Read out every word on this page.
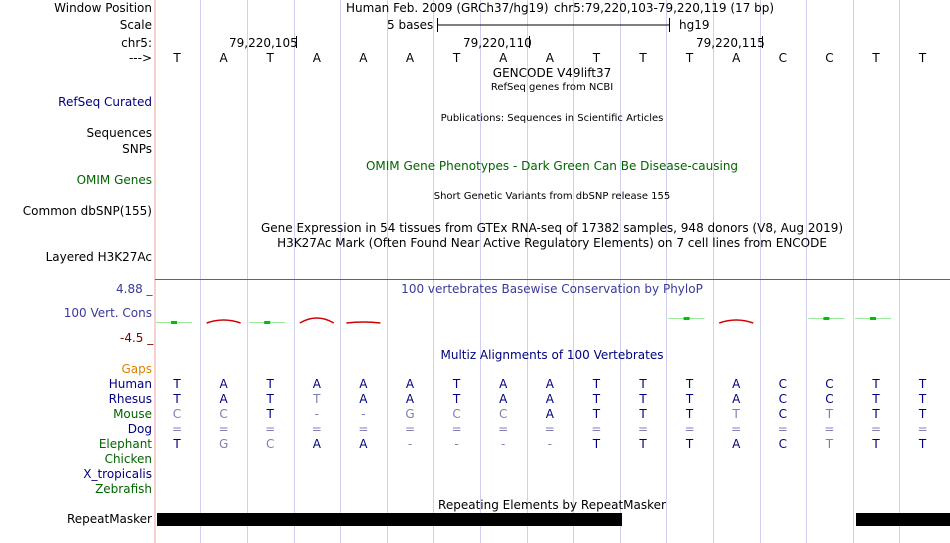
Window Position	Human Feb. 2009 (GRCh37/hg19) chr5:79,220,103-79,220,119 (17 bp)
Scale	5 bases	hg19
chr5:	79,220,105	79,220,110	79,220,115
--->	T	A	T	A	A	A	T	A	A	T	T	T	A	C	C	T	T
GENCODE V49lift37
RefSeq genes from NCBI
RefSeq Curated
Publications: Sequences in Scientific Articles
Sequences
SNPs
OMIM Gene Phenotypes - Dark Green Can Be Disease-causing
OMIM Genes
Short Genetic Variants from dbSNP release 155
Common dbSNP(155)
Gene Expression in 54 tissues from GTEx RNA-seq of 17382 samples, 948 donors (V8, Aug 2019)
H3K27Ac Mark (Often Found Near Active Regulatory Elements) on 7 cell lines from ENCODE
Layered H3K27Ac
100 vertebrates Basewise Conservation by PhyloP
4.88 _
100 Vert. Cons
-4.5 _
Multiz Alignments of 100 Vertebrates
Gaps
Human	T	A	T	A	A	A	T	A	A	T	T	T	A	C	C	T	T
Rhesus	T	A	T	T	A	A	T	A	A	T	T	T	A	C	C	T	T
Mouse	C	C	T	-	-	G	C	C	A	T	T	T	T	C	T	T	T
Dog	=	=	=	=	=	=	=	=	=	=	=	=	=	=	=	=	=
Elephant	T	G	C	A	A	-	-	-	-	T	T	T	A	C	T	T	T
Chicken
X_tropicalis
Zebrafish
Repeating Elements by RepeatMasker
RepeatMasker
